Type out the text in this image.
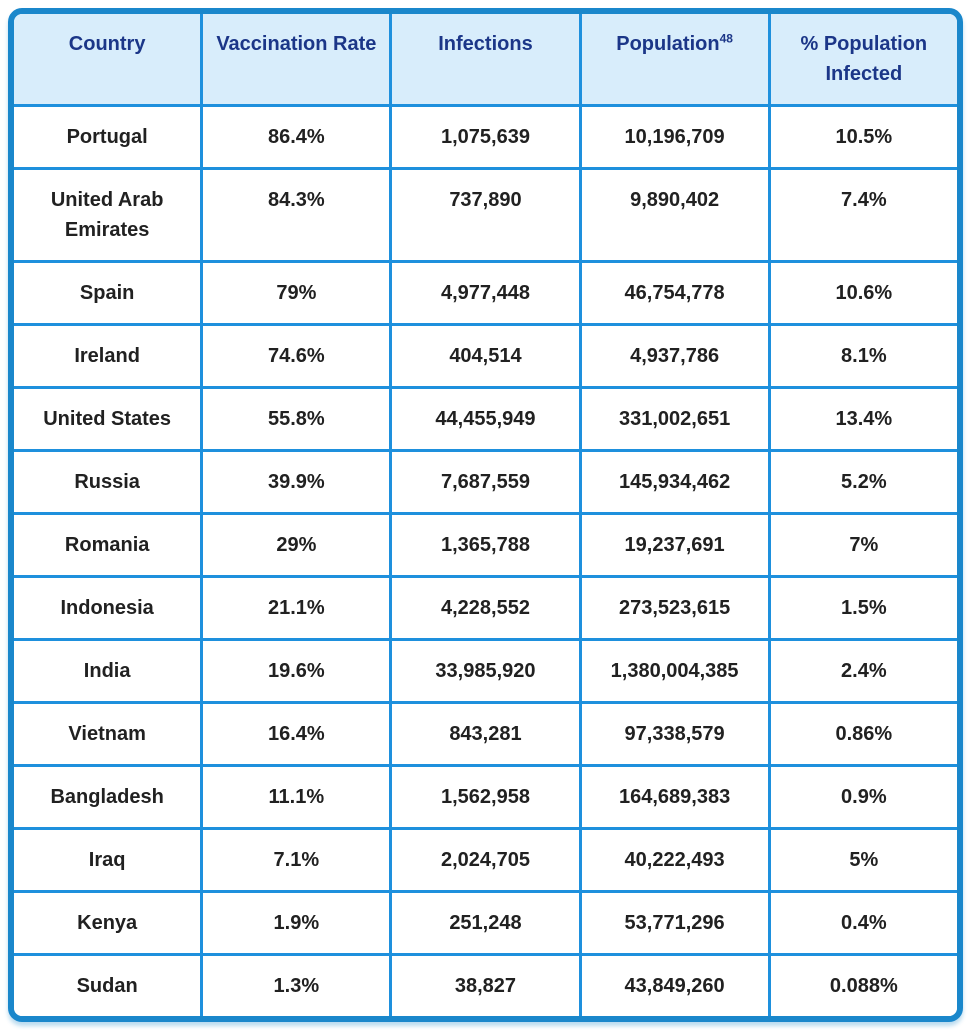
Country	Vaccination Rate	Infections	Population$^{48}$	% Population Infected
Portugal	86.4%	1,075,639	10,196,709	10.5%
United Arab Emirates	84.3%	737,890	9,890,402	7.4%
Spain	79%	4,977,448	46,754,778	10.6%
Ireland	74.6%	404,514	4,937,786	8.1%
United States	55.8%	44,455,949	331,002,651	13.4%
Russia	39.9%	7,687,559	145,934,462	5.2%
Romania	29%	1,365,788	19,237,691	7%
Indonesia	21.1%	4,228,552	273,523,615	1.5%
India	19.6%	33,985,920	1,380,004,385	2.4%
Vietnam	16.4%	843,281	97,338,579	0.86%
Bangladesh	11.1%	1,562,958	164,689,383	0.9%
Iraq	7.1%	2,024,705	40,222,493	5%
Kenya	1.9%	251,248	53,771,296	0.4%
Sudan	1.3%	38,827	43,849,260	0.088%
